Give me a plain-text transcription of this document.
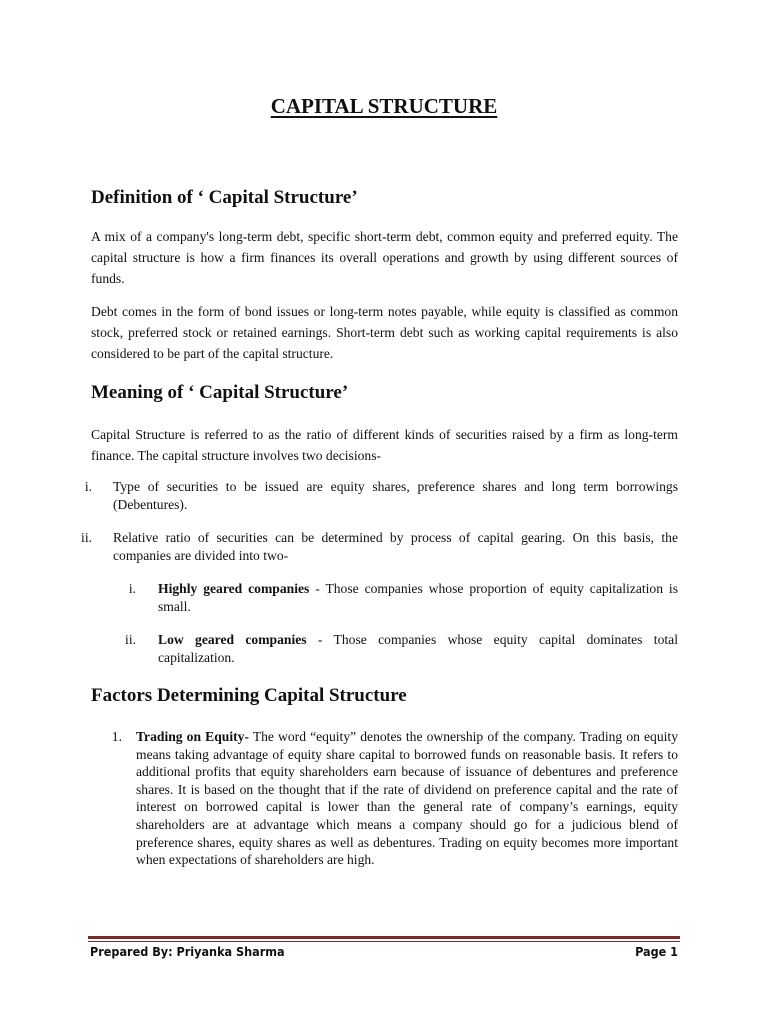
CAPITAL STRUCTURE
Definition of ‘ Capital Structure’

A mix of a company's long-term debt, specific short-term debt, common equity and preferred equity. The capital structure is how a firm finances its overall operations and growth by using different sources of funds.

Debt comes in the form of bond issues or long-term notes payable, while equity is classified as common stock, preferred stock or retained earnings. Short-term debt such as working capital requirements is also considered to be part of the capital structure.

Meaning of ‘ Capital Structure’

Capital Structure is referred to as the ratio of different kinds of securities raised by a firm as long-term finance. The capital structure involves two decisions-

i. Type of securities to be issued are equity shares, preference shares and long term borrowings (Debentures).

ii. Relative ratio of securities can be determined by process of capital gearing. On this basis, the companies are divided into two-

i. Highly geared companies - Those companies whose proportion of equity capitalization is small.

ii. Low geared companies - Those companies whose equity capital dominates total capitalization.

Factors Determining Capital Structure
1. Trading on Equity- The word “equity” denotes the ownership of the company. Trading on equity means taking advantage of equity share capital to borrowed funds on reasonable basis. It refers to additional profits that equity shareholders earn because of issuance of debentures and preference shares. It is based on the thought that if the rate of dividend on preference capital and the rate of interest on borrowed capital is lower than the general rate of company’s earnings, equity shareholders are at advantage which means a company should go for a judicious blend of preference shares, equity shares as well as debentures. Trading on equity becomes more important when expectations of shareholders are high.

Prepared By: Priyanka Sharma	Page 1
